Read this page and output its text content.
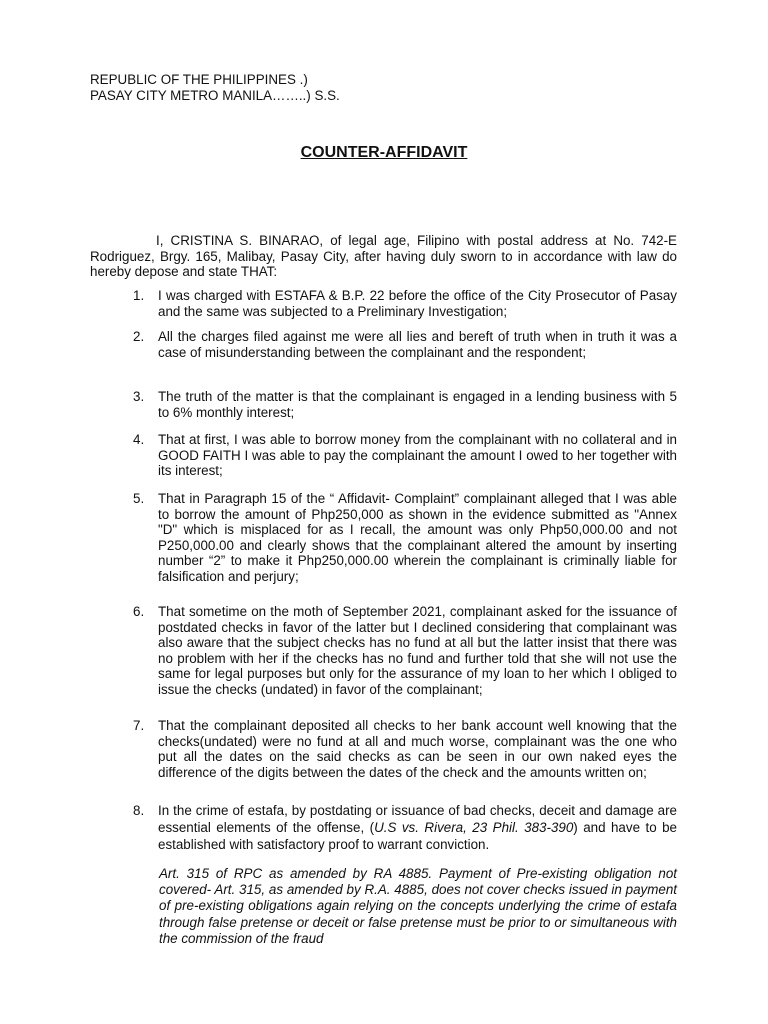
REPUBLIC OF THE PHILIPPINES .)
PASAY CITY METRO MANILA……..) S.S.
COUNTER-AFFIDAVIT

I, CRISTINA S. BINARAO, of legal age, Filipino with postal address at No. 742-E Rodriguez, Brgy. 165, Malibay, Pasay City, after having duly sworn to in accordance with law do hereby depose and state THAT:

1.	I was charged with ESTAFA & B.P. 22 before the office of the City Prosecutor of Pasay and the same was subjected to a Preliminary Investigation;
2.	All the charges filed against me were all lies and bereft of truth when in truth it was a case of misunderstanding between the complainant and the respondent;
3.	The truth of the matter is that the complainant is engaged in a lending business with 5 to 6% monthly interest;
4.	That at first, I was able to borrow money from the complainant with no collateral and in GOOD FAITH I was able to pay the complainant the amount I owed to her together with its interest;
5.	That in Paragraph 15 of the “ Affidavit- Complaint” complainant alleged that I was able to borrow the amount of Php250,000 as shown in the evidence submitted as "Annex "D" which is misplaced for as I recall, the amount was only Php50,000.00 and not P250,000.00 and clearly shows that the complainant altered the amount by inserting number “2” to make it Php250,000.00 wherein the complainant is criminally liable for falsification and perjury;
6.	That sometime on the moth of September 2021, complainant asked for the issuance of postdated checks in favor of the latter but I declined considering that complainant was also aware that the subject checks has no fund at all but the latter insist that there was no problem with her if the checks has no fund and further told that she will not use the same for legal purposes but only for the assurance of my loan to her which I obliged to issue the checks (undated) in favor of the complainant;
7.	That the complainant deposited all checks to her bank account well knowing that the checks(undated) were no fund at all and much worse, complainant was the one who put all the dates on the said checks as can be seen in our own naked eyes the difference of the digits between the dates of the check and the amounts written on;
8.	In the crime of estafa, by postdating or issuance of bad checks, deceit and damage are essential elements of the offense, (U.S vs. Rivera, 23 Phil. 383-390) and have to be established with satisfactory proof to warrant conviction.

Art. 315 of RPC as amended by RA 4885. Payment of Pre-existing obligation not covered- Art. 315, as amended by R.A. 4885, does not cover checks issued in payment of pre-existing obligations again relying on the concepts underlying the crime of estafa through false pretense or deceit or false pretense must be prior to or simultaneous with the commission of the fraud
